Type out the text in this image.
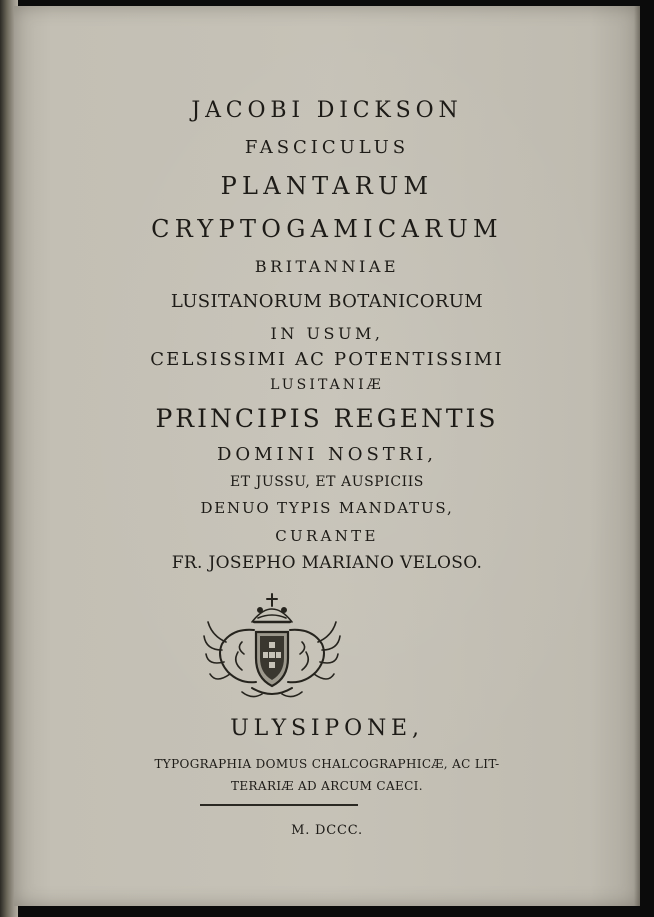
JACOBI DICKSON
FASCICULUS
PLANTARUM
CRYPTOGAMICARUM
BRITANNIAE
LUSITANORUM BOTANICORUM
IN USUM,
CELSISSIMI AC POTENTISSIMI
LUSITANIÆ
PRINCIPIS REGENTIS
DOMINI NOSTRI,
ET JUSSU, ET AUSPICIIS
DENUO TYPIS MANDATUS,
CURANTE
FR. JOSEPHO MARIANO VELOSO.
ULYSIPONE,
TYPOGRAPHIA DOMUS CHALCOGRAPHICÆ, AC LIT-
TERARIÆ AD ARCUM CAECI.
M. DCCC.
